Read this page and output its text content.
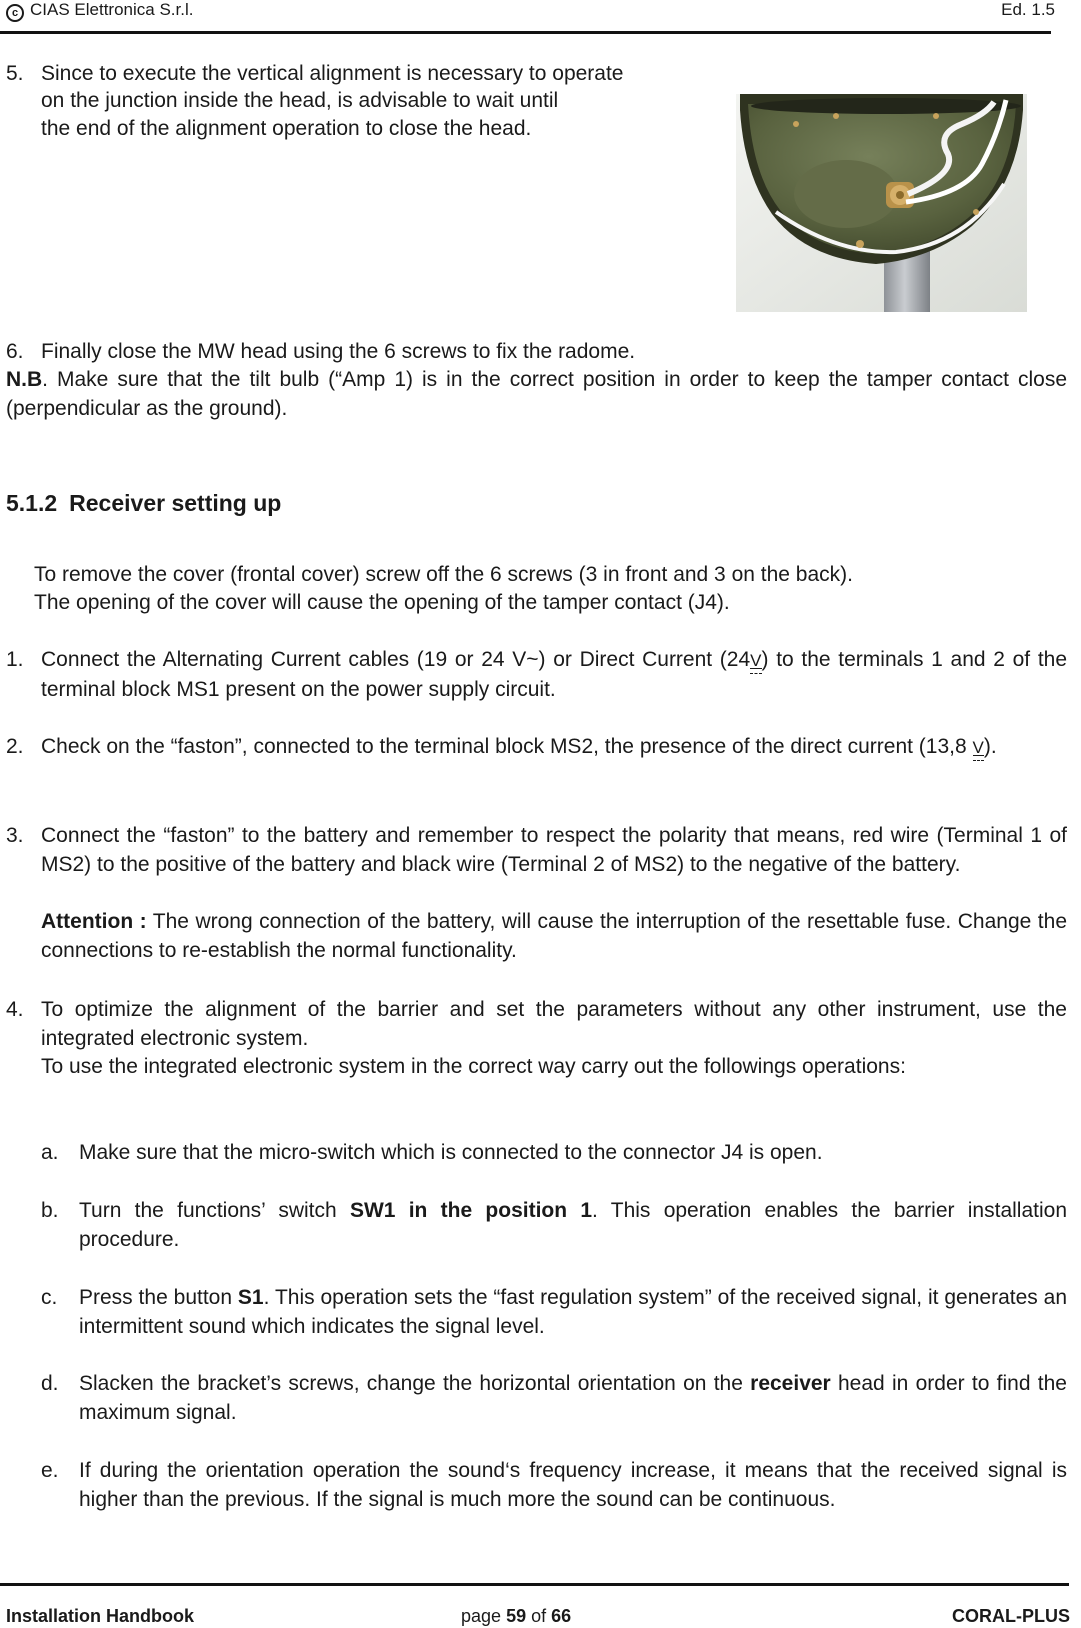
c CIAS Elettronica S.r.l.	Ed. 1.5
5. Since to execute the vertical alignment is necessary to operate
on the junction inside the head, is advisable to wait until
the end of the alignment operation to close the head.
6. Finally close the MW head using the 6 screws to fix the radome.
N.B. Make sure that the tilt bulb (“Amp 1) is in the correct position in order to keep the tamper contact close (perpendicular as the ground).
5.1.2 Receiver setting up
To remove the cover (frontal cover) screw off the 6 screws (3 in front and 3 on the back).
The opening of the cover will cause the opening of the tamper contact (J4).
1. Connect the Alternating Current cables (19 or 24 V~) or Direct Current (24V) to the terminals 1 and 2 of the terminal block MS1 present on the power supply circuit.
2. Check on the “faston”, connected to the terminal block MS2, the presence of the direct current (13,8 V).
3. Connect the “faston” to the battery and remember to respect the polarity that means, red wire (Terminal 1 of MS2) to the positive of the battery and black wire (Terminal 2 of MS2) to the negative of the battery.
Attention : The wrong connection of the battery, will cause the interruption of the resettable fuse. Change the connections to re-establish the normal functionality.
4. To optimize the alignment of the barrier and set the parameters without any other instrument, use the integrated electronic system.
To use the integrated electronic system in the correct way carry out the followings operations:
a. Make sure that the micro-switch which is connected to the connector J4 is open.
b. Turn the functions’ switch SW1 in the position 1. This operation enables the barrier installation procedure.
c. Press the button S1. This operation sets the “fast regulation system” of the received signal, it generates an intermittent sound which indicates the signal level.
d. Slacken the bracket’s screws, change the horizontal orientation on the receiver head in order to find the maximum signal.
e. If during the orientation operation the sound‘s frequency increase, it means that the received signal is higher than the previous. If the signal is much more the sound can be continuous.
Installation Handbook	page 59 of 66	CORAL-PLUS
